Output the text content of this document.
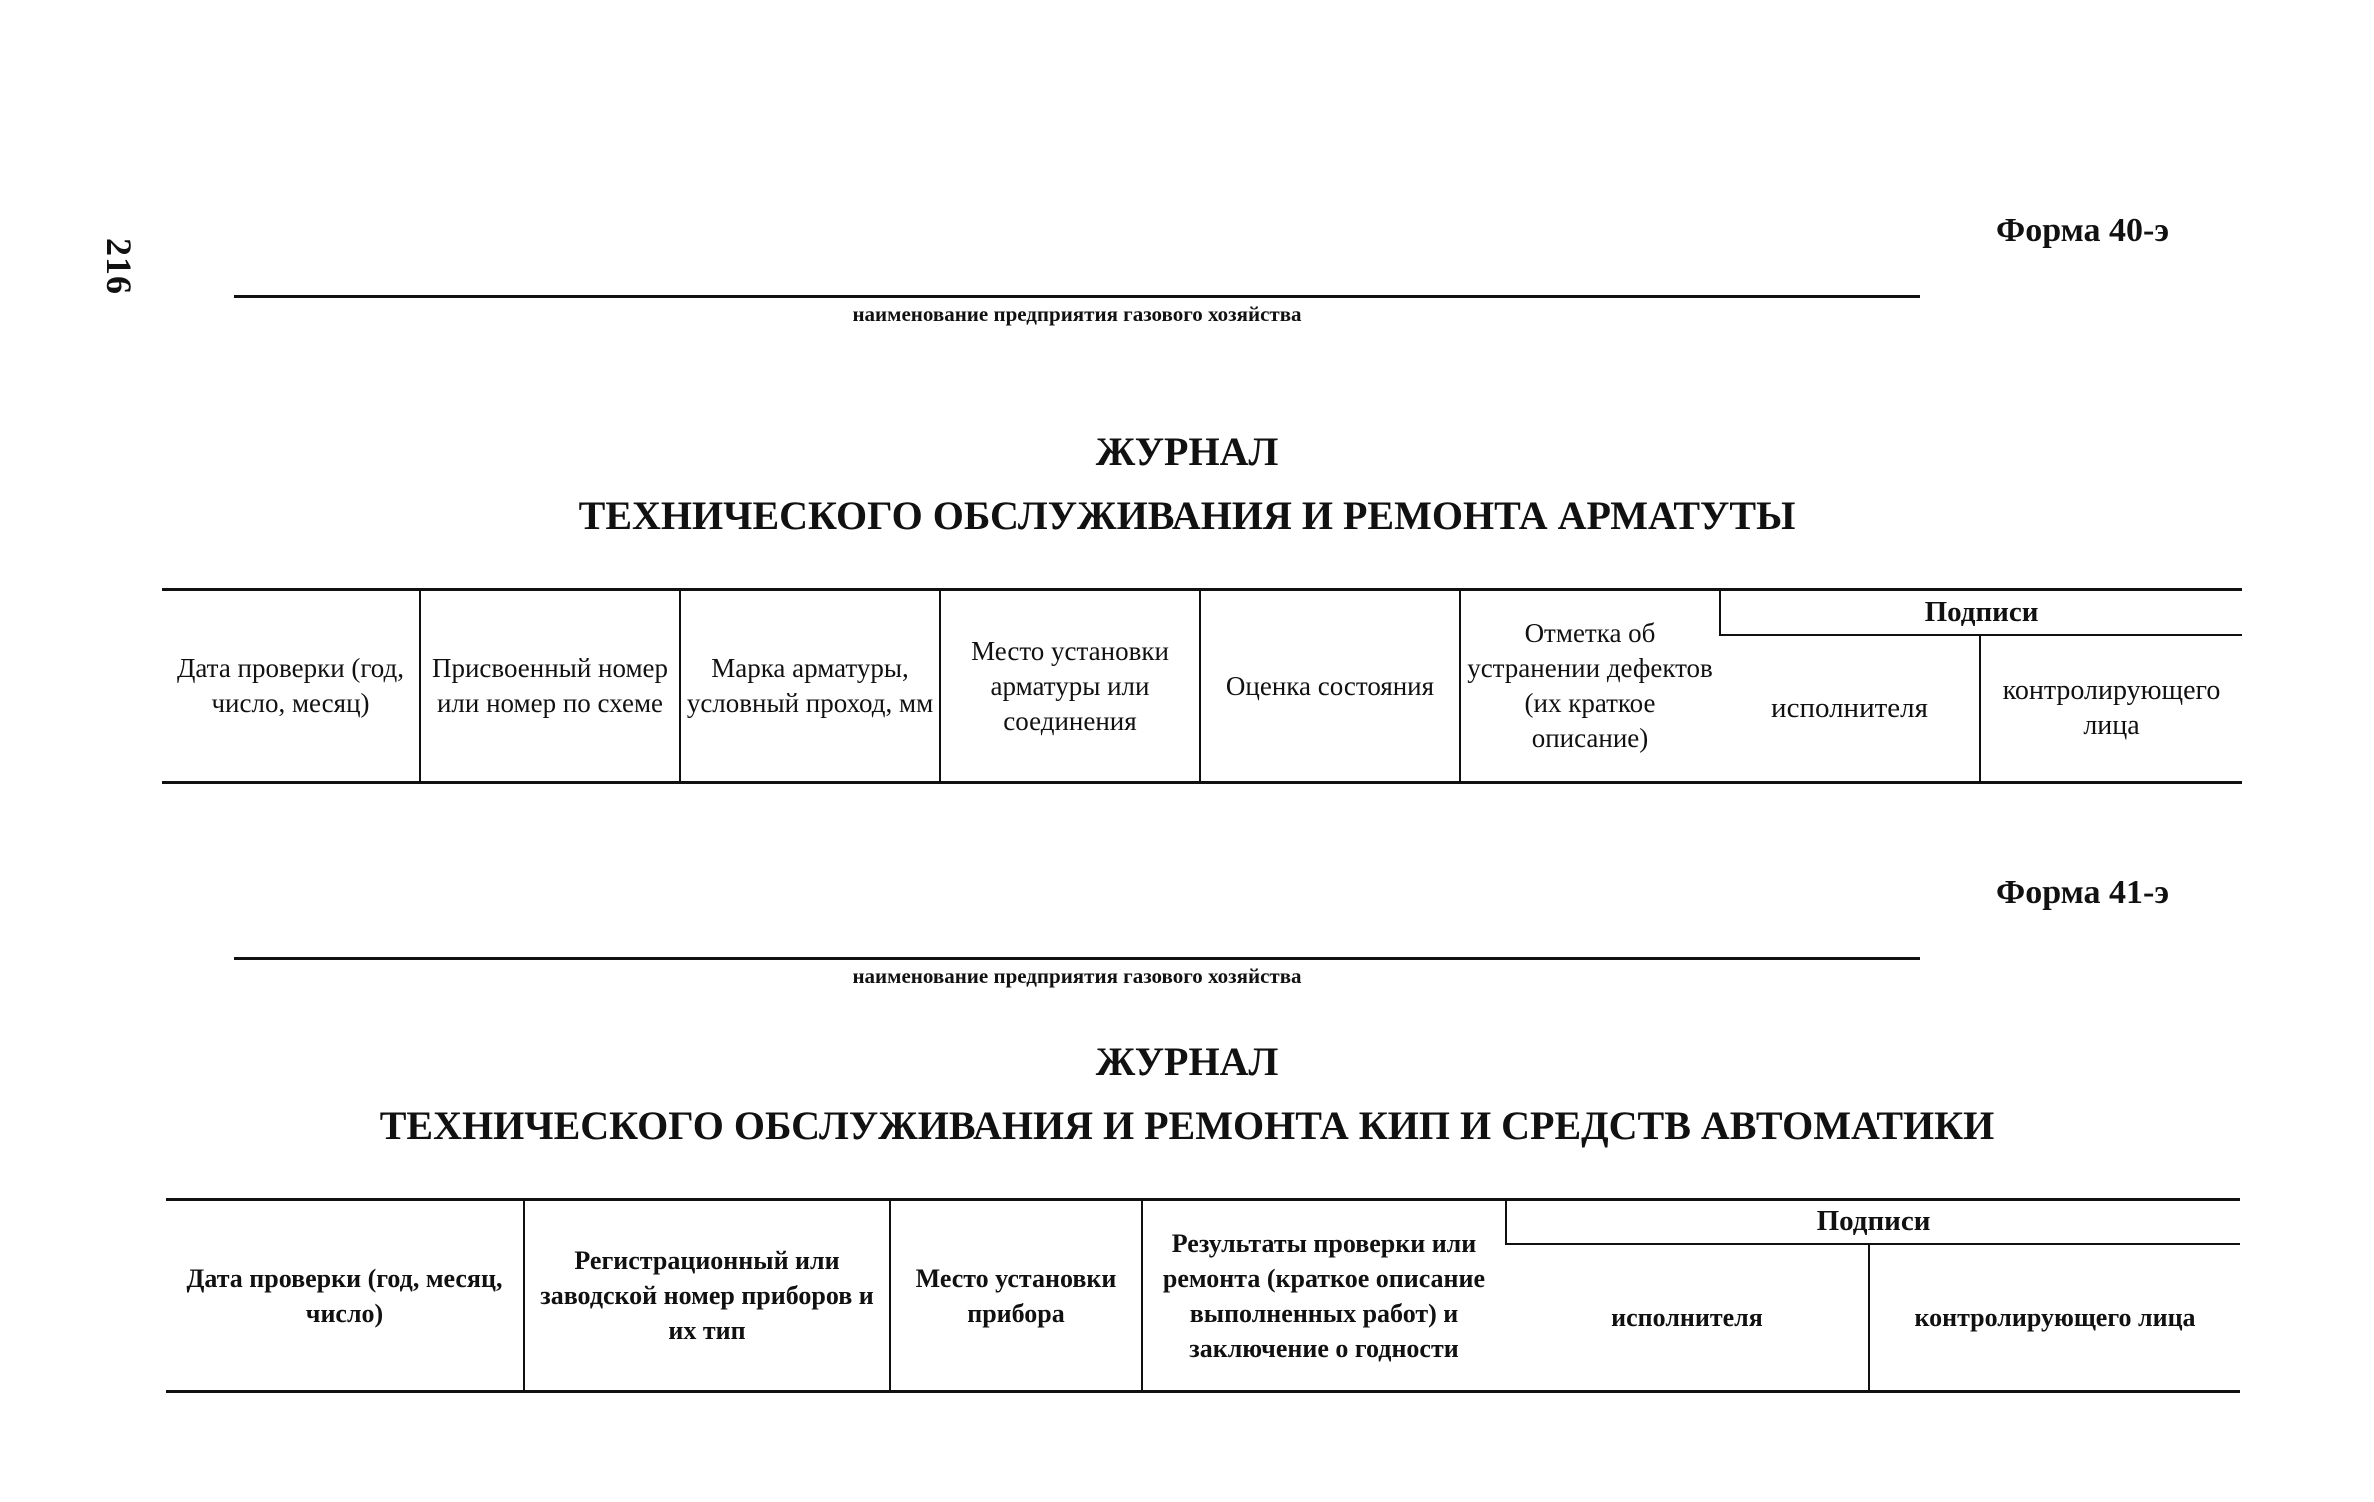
216
Форма 40-э
наименование предприятия газового хозяйства
ЖУРНАЛ
ТЕХНИЧЕСКОГО ОБСЛУЖИВАНИЯ И РЕМОНТА АРМАТУТЫ
Дата проверки (год, число, месяц)	Присвоенный номер или номер по схеме	Марка арматуры, условный проход, мм	Место установки арматуры или соединения	Оценка состояния	Отметка об устранении дефектов (их краткое описание)	Подписи	
						исполнителя	контролирующего лица
Форма 41-э
наименование предприятия газового хозяйства
ЖУРНАЛ
ТЕХНИЧЕСКОГО ОБСЛУЖИВАНИЯ И РЕМОНТА КИП И СРЕДСТВ АВТОМАТИКИ
Дата проверки (год, месяц, число)	Регистрационный или заводской номер приборов и их тип	Место установки прибора	Результаты проверки или ремонта (краткое описание выполненных работ) и заключение о годности	Подписи	
				исполнителя	контролирующего лица
